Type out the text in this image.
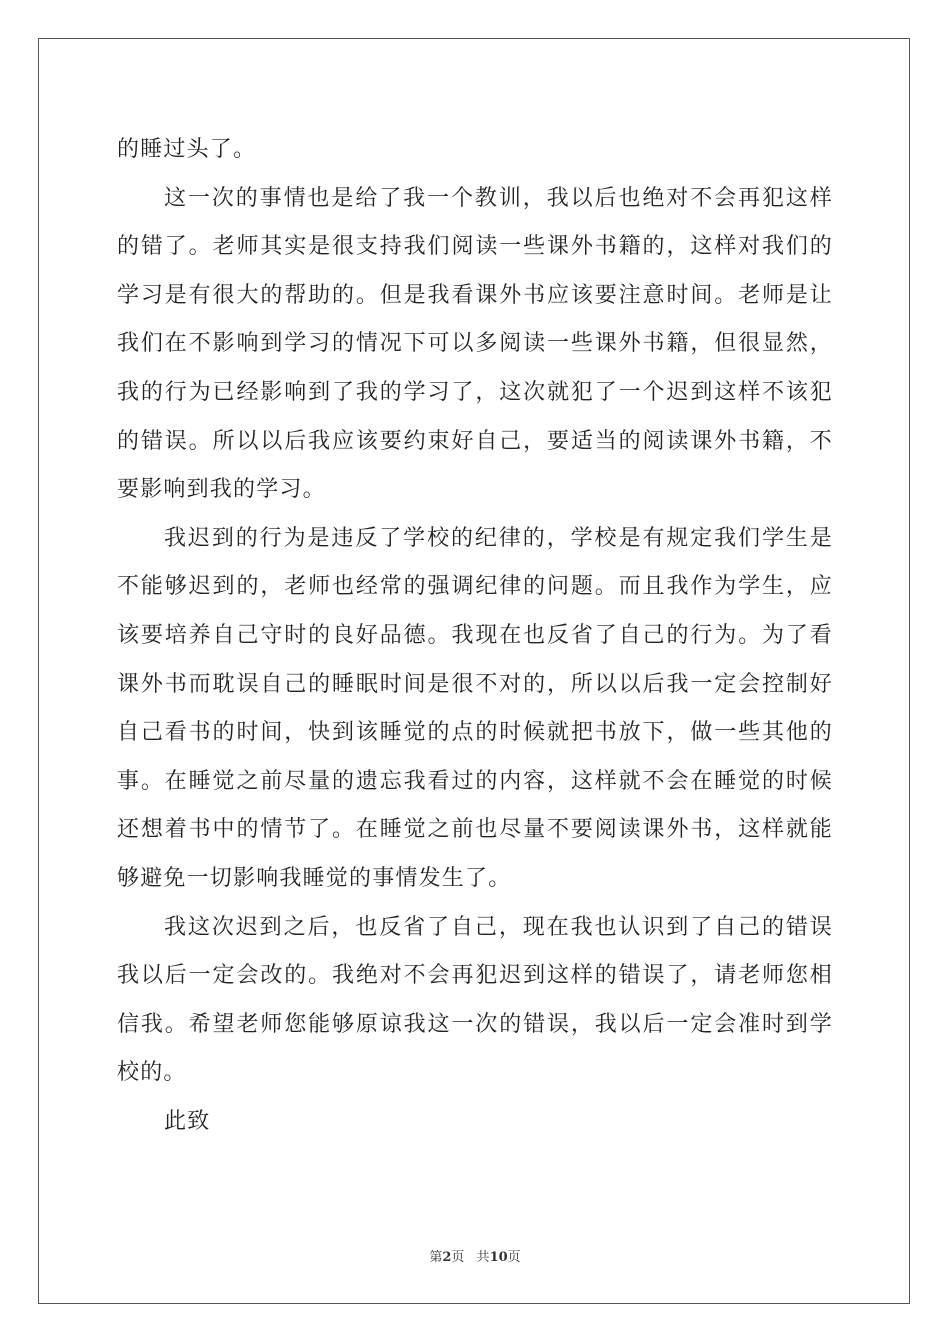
的睡过头了。
这一次的事情也是给了我一个教训，我以后也绝对不会再犯这样
的错了。老师其实是很支持我们阅读一些课外书籍的，这样对我们的
学习是有很大的帮助的。但是我看课外书应该要注意时间。老师是让
我们在不影响到学习的情况下可以多阅读一些课外书籍，但很显然，
我的行为已经影响到了我的学习了，这次就犯了一个迟到这样不该犯
的错误。所以以后我应该要约束好自己，要适当的阅读课外书籍，不
要影响到我的学习。
我迟到的行为是违反了学校的纪律的，学校是有规定我们学生是
不能够迟到的，老师也经常的强调纪律的问题。而且我作为学生，应
该要培养自己守时的良好品德。我现在也反省了自己的行为。为了看
课外书而耽误自己的睡眠时间是很不对的，所以以后我一定会控制好
自己看书的时间，快到该睡觉的点的时候就把书放下，做一些其他的
事。在睡觉之前尽量的遗忘我看过的内容，这样就不会在睡觉的时候
还想着书中的情节了。在睡觉之前也尽量不要阅读课外书，这样就能
够避免一切影响我睡觉的事情发生了。
我这次迟到之后，也反省了自己，现在我也认识到了自己的错误
我以后一定会改的。我绝对不会再犯迟到这样的错误了，请老师您相
信我。希望老师您能够原谅我这一次的错误，我以后一定会准时到学
校的。
此致
第2页 共10页
